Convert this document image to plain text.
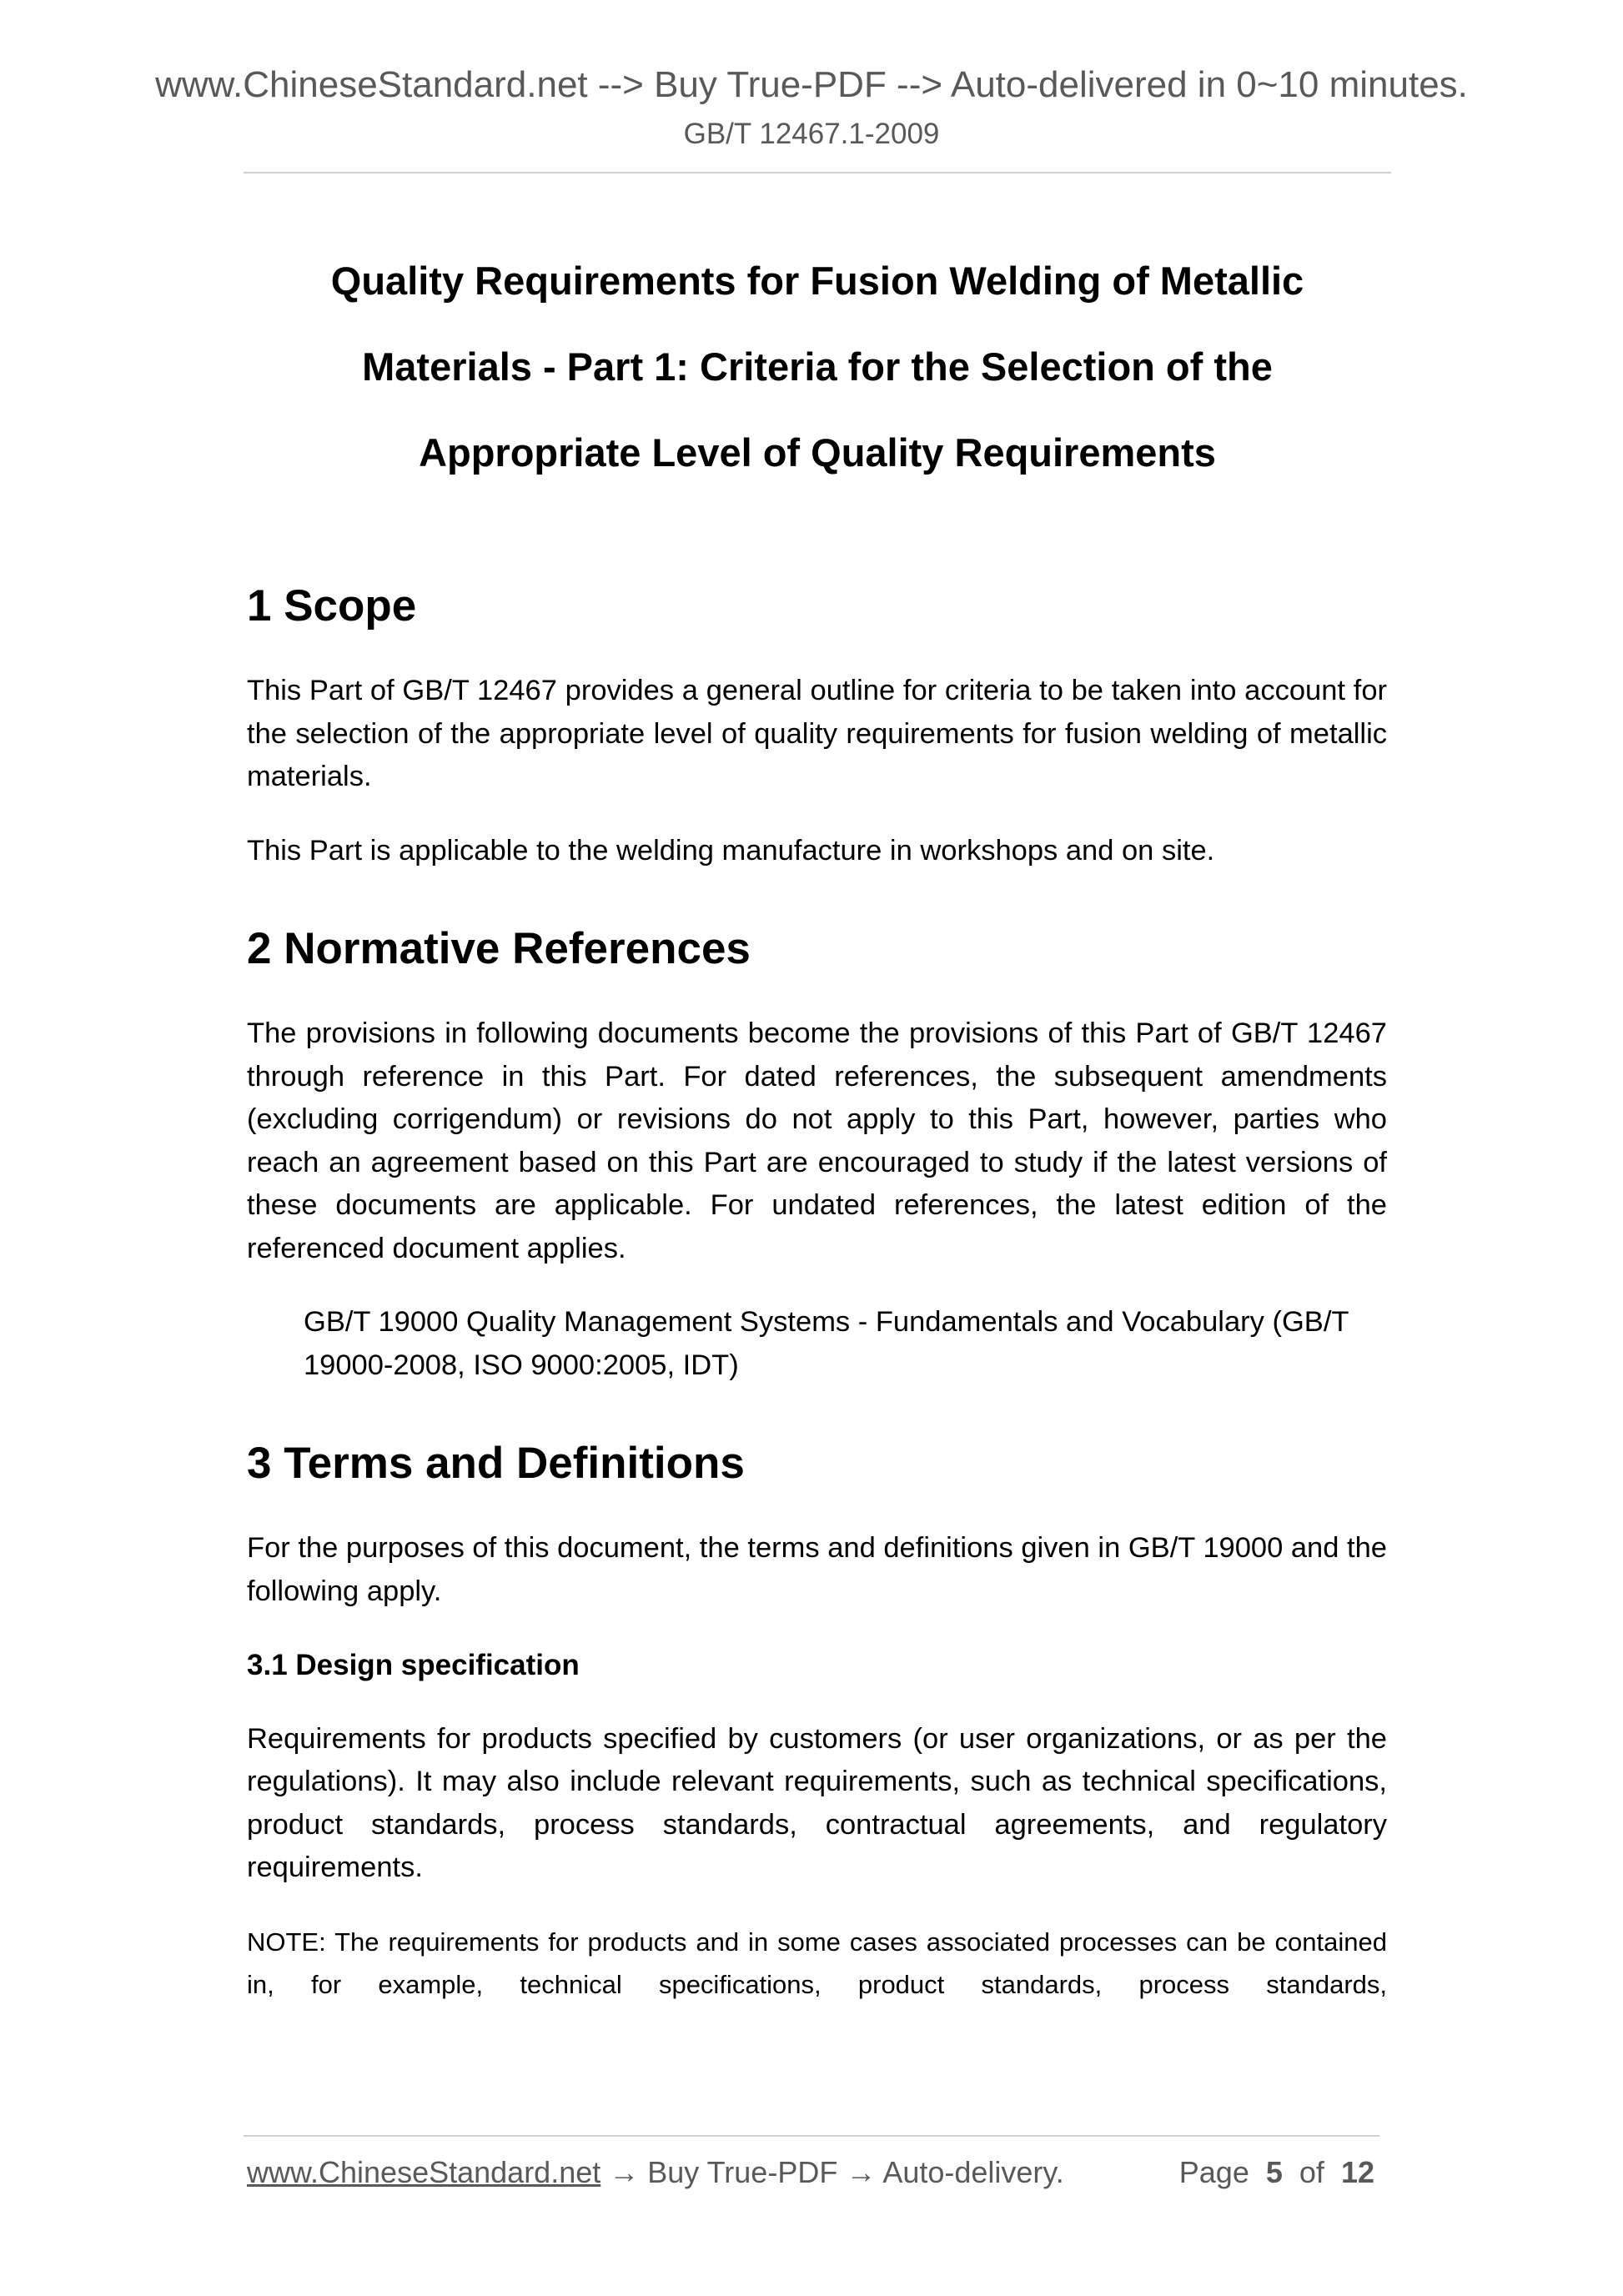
www.ChineseStandard.net --> Buy True-PDF --> Auto-delivered in 0~10 minutes.
GB/T 12467.1-2009
Quality Requirements for Fusion Welding of Metallic
Materials - Part 1: Criteria for the Selection of the
Appropriate Level of Quality Requirements
1 Scope

This Part of GB/T 12467 provides a general outline for criteria to be taken into account for the selection of the appropriate level of quality requirements for fusion welding of metallic materials.

This Part is applicable to the welding manufacture in workshops and on site.

2 Normative References

The provisions in following documents become the provisions of this Part of GB/T 12467 through reference in this Part. For dated references, the subsequent amendments (excluding corrigendum) or revisions do not apply to this Part, however, parties who reach an agreement based on this Part are encouraged to study if the latest versions of these documents are applicable. For undated references, the latest edition of the referenced document applies.

GB/T 19000 Quality Management Systems - Fundamentals and Vocabulary (GB/T
19000-2008, ISO 9000:2005, IDT)

3 Terms and Definitions

For the purposes of this document, the terms and definitions given in GB/T 19000 and the following apply.

3.1 Design specification

Requirements for products specified by customers (or user organizations, or as per the regulations). It may also include relevant requirements, such as technical specifications, product standards, process standards, contractual agreements, and regulatory requirements.

NOTE: The requirements for products and in some cases associated processes can be contained in, for example, technical specifications, product standards, process standards,

www.ChineseStandard.net → Buy True-PDF → Auto-delivery.	Page 5 of 12
